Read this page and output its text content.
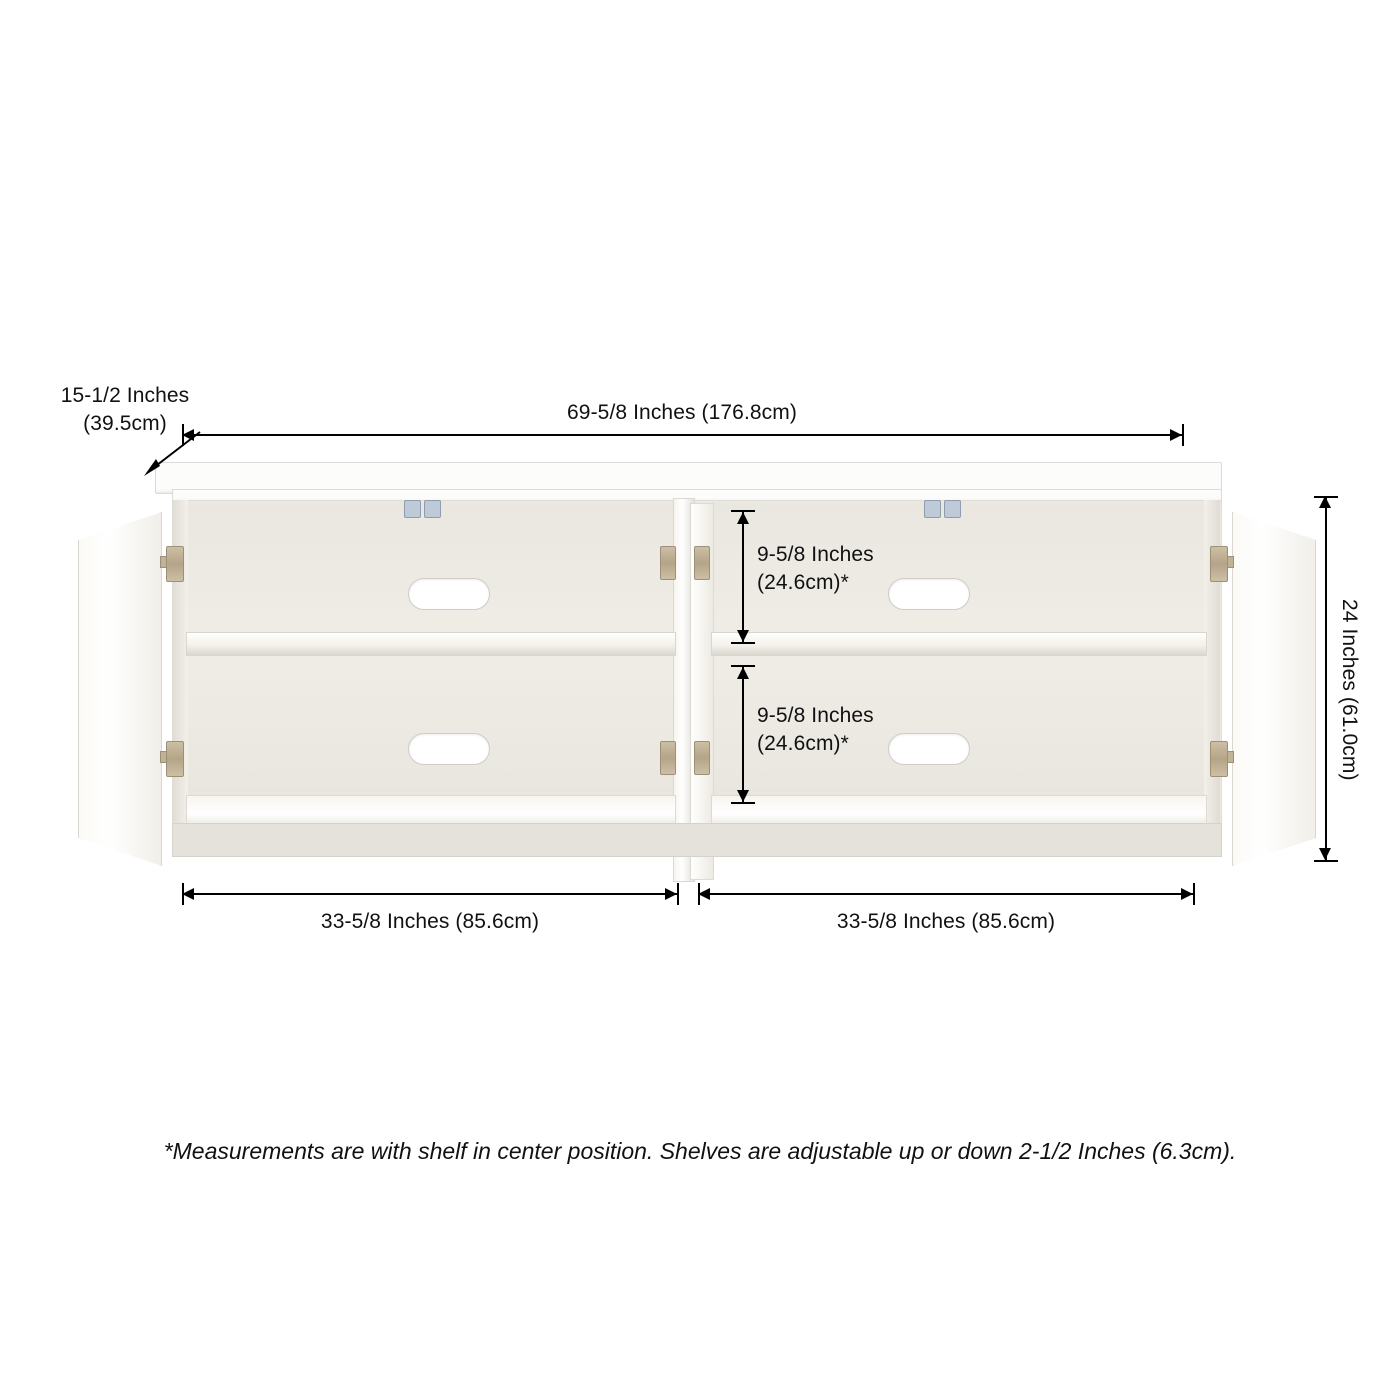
69-5/8 Inches (176.8cm)
15-1/2 Inches
(39.5cm)
24 Inches (61.0cm)
9-5/8 Inches
(24.6cm)*
9-5/8 Inches
(24.6cm)*
33-5/8 Inches (85.6cm)	33-5/8 Inches (85.6cm)
*Measurements are with shelf in center position. Shelves are adjustable up or down 2-1/2 Inches (6.3cm).
